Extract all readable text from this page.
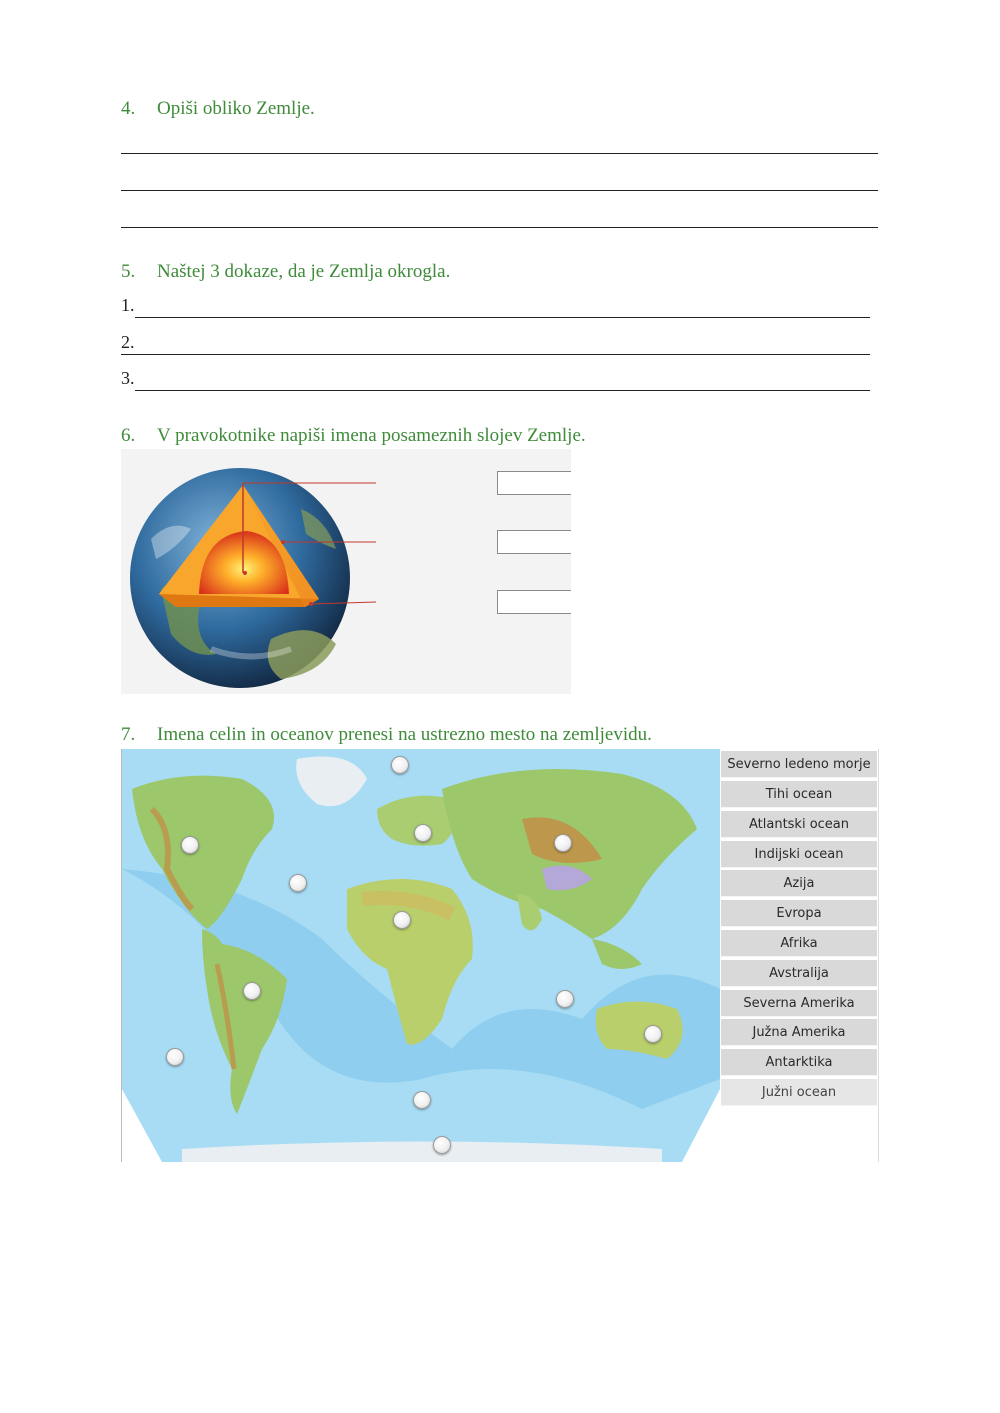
4. Opiši obliko Zemlje.
5. Naštej 3 dokaze, da je Zemlja okrogla.
1.
2.
3.
6. V pravokotnike napiši imena posameznih slojev Zemlje.
7. Imena celin in oceanov prenesi na ustrezno mesto na zemljevidu.
Severno ledeno morje
Tihi ocean
Atlantski ocean
Indijski ocean
Azija
Evropa
Afrika
Avstralija
Severna Amerika
Južna Amerika
Antarktika
Južni ocean
